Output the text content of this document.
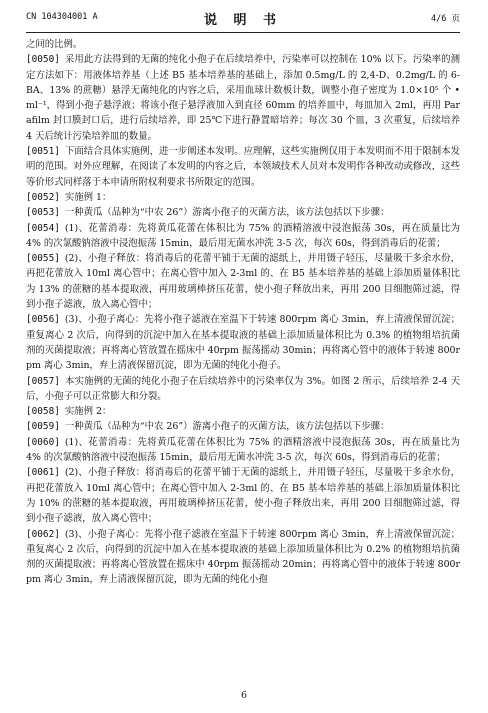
CN 104304001 A	说 明 书	4/6 页

之间的比例。

[0050] 采用此方法得到的无菌的纯化小孢子在后续培养中，污染率可以控制在 10% 以下。污染率的测定方法如下：用液体培养基（上述 B5 基本培养基的基础上，添加 0.5mg/L 的 2,4-D、0.2mg/L 的 6-BA、13% 的蔗糖）悬浮无菌纯化的内容之后，采用血球计数板计数，调整小孢子密度为 1.0×10⁵ 个 •ml⁻¹，得到小孢子悬浮液；将该小孢子悬浮液加入到直径 60mm 的培养皿中，每皿加入 2ml，再用 Parafilm 封口膜封口后，进行后续培养，即 25℃下进行静置暗培养；每次 30 个皿，3 次重复，后续培养 4 天后统计污染培养皿的数量。

[0051] 下面结合具体实施例，进一步阐述本发明。应理解，这些实施例仅用于本发明而不用于限制本发明的范围。对外应理解，在阅读了本发明的内容之后，本领域技术人员对本发明作各种改动或修改，这些等价形式同样落于本申请所附权利要求书所限定的范围。

[0052] 实施例 1：

[0053] 一种黄瓜（品种为“中农 26”）游离小孢子的灭菌方法，该方法包括以下步骤：

[0054] (1)、花蕾消毒：先将黄瓜花蕾在体积比为 75% 的酒精溶液中浸泡振荡 30s，再在质量比为 4% 的次氯酸钠溶液中浸泡振荡 15min，最后用无菌水冲洗 3-5 次，每次 60s，得到消毒后的花蕾；

[0055] (2)、小孢子释放：将消毒后的花蕾平铺于无菌的滤纸上，并用镊子轻压，尽量吸干多余水份，再把花蕾放入 10ml 离心管中；在离心管中加入 2-3ml 的、在 B5 基本培养基的基础上添加质量体积比为 13% 的蔗糖的基本提取液，再用玻璃棒挤压花蕾，使小孢子释放出来，再用 200 目细胞筛过滤，得到小孢子滤液，放入离心管中；

[0056] (3)、小孢子离心：先将小孢子滤液在室温下于转速 800rpm 离心 3min，弃上清液保留沉淀；重复离心 2 次后，向得到的沉淀中加入在基本提取液的基础上添加质量体积比为 0.3% 的植物组培抗菌剂的灭菌提取液；再将离心管放置在摇床中 40rpm 振荡摇动 30min；再将离心管中的液体于转速 800rpm 离心 3min，弃上清液保留沉淀，即为无菌的纯化小孢子。

[0057] 本实施例的无菌的纯化小孢子在后续培养中的污染率仅为 3%。如图 2 所示，后续培养 2-4 天后，小孢子可以正常膨大和分裂。

[0058] 实施例 2：

[0059] 一种黄瓜（品种为“中农 26”）游离小孢子的灭菌方法，该方法包括以下步骤：

[0060] (1)、花蕾消毒：先将黄瓜花蕾在体积比为 75% 的酒精溶液中浸泡振荡 30s，再在质量比为 4% 的次氯酸钠溶液中浸泡振荡 15min，最后用无菌水冲洗 3-5 次，每次 60s，得到消毒后的花蕾；

[0061] (2)、小孢子释放：将消毒后的花蕾平铺于无菌的滤纸上，并用镊子轻压，尽量吸干多余水份，再把花蕾放入 10ml 离心管中；在离心管中加入 2-3ml 的、在 B5 基本培养基的基础上添加质量体积比为 10% 的蔗糖的基本提取液，再用玻璃棒挤压花蕾，使小孢子释放出来，再用 200 目细胞筛过滤，得到小孢子滤液，放入离心管中；

[0062] (3)、小孢子离心：先将小孢子滤液在室温下于转速 800rpm 离心 3min，弃上清液保留沉淀；重复离心 2 次后，向得到的沉淀中加入在基本提取液的基础上添加质量体积比为 0.2% 的植物组培抗菌剂的灭菌提取液；再将离心管放置在摇床中 40rpm 振荡摇动 20min；再将离心管中的液体于转速 800rpm 离心 3min，弃上清液保留沉淀，即为无菌的纯化小孢

6
